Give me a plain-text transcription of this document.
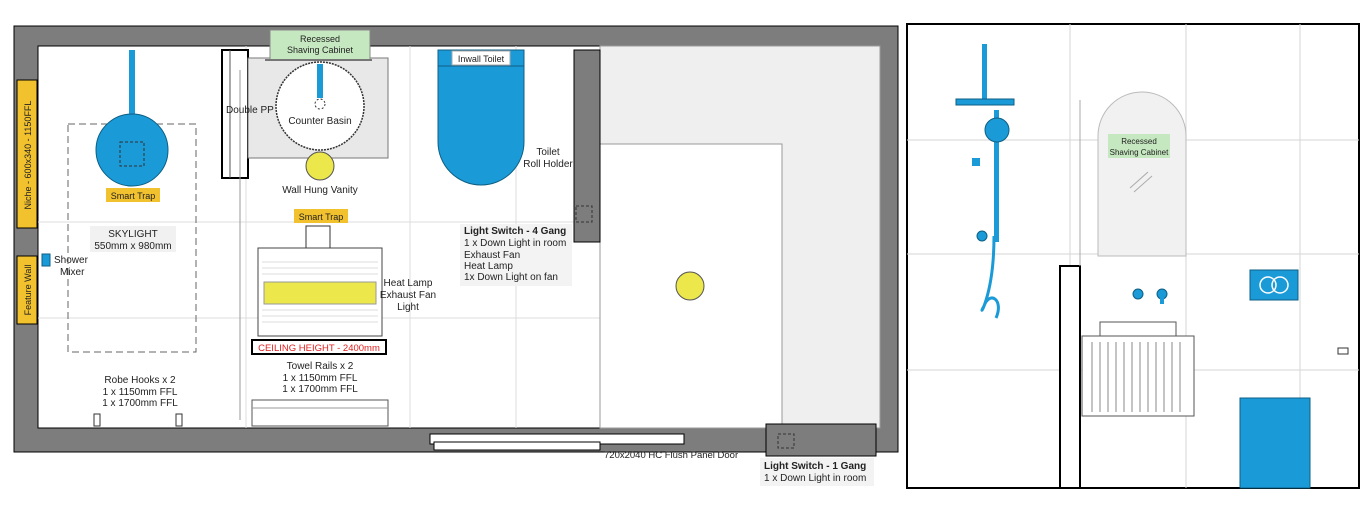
Recessed
Shaving Cabinet
Double PP
Counter Basin
Wall Hung Vanity
Inwall Toilet
Toilet
Roll Holder
Niche - 600x340 - 1150FFL
Feature Wall
Shower
Mixer
Smart Trap
SKYLIGHT
550mm x 980mm
Smart Trap
Heat Lamp
Exhaust Fan
Light
CEILING HEIGHT - 2400mm
Light Switch - 4 Gang
1 x Down Light in room
Exhaust Fan
Heat Lamp
1x Down Light on fan
Robe Hooks x 2
1 x 1150mm FFL
1 x 1700mm FFL
Towel Rails x 2
1 x 1150mm FFL
1 x 1700mm FFL
720x2040 HC Flush Panel Door
Light Switch - 1 Gang
1 x Down Light in room
Recessed
Shaving Cabinet
